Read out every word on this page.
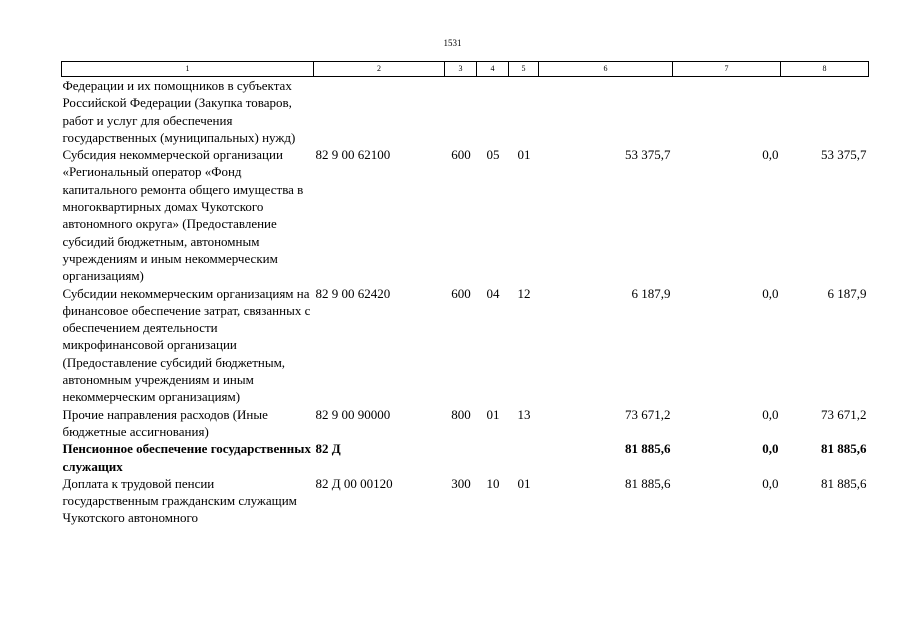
1531
1	2	3	4	5	6	7	8
Федерации и их помощников в субъектах Российской Федерации (Закупка товаров, работ и услуг для обеспечения государственных (муниципальных) нужд)							
Субсидия некоммерческой организации «Региональный оператор «Фонд капитального ремонта общего имущества в многоквартирных домах Чукотского автономного округа» (Предоставление субсидий бюджетным, автономным учреждениям и иным некоммерческим организациям)	82 9 00 62100	600	05	01	53 375,7	0,0	53 375,7
Субсидии некоммерческим организациям на финансовое обеспечение затрат, связанных с обеспечением деятельности микрофинансовой организации (Предоставление субсидий бюджетным, автономным учреждениям и иным некоммерческим организациям)	82 9 00 62420	600	04	12	6 187,9	0,0	6 187,9
Прочие направления расходов (Иные бюджетные ассигнования)	82 9 00 90000	800	01	13	73 671,2	0,0	73 671,2
Пенсионное обеспечение государственных служащих	82 Д				81 885,6	0,0	81 885,6
Доплата к трудовой пенсии государственным гражданским служащим Чукотского автономного	82 Д 00 00120	300	10	01	81 885,6	0,0	81 885,6
